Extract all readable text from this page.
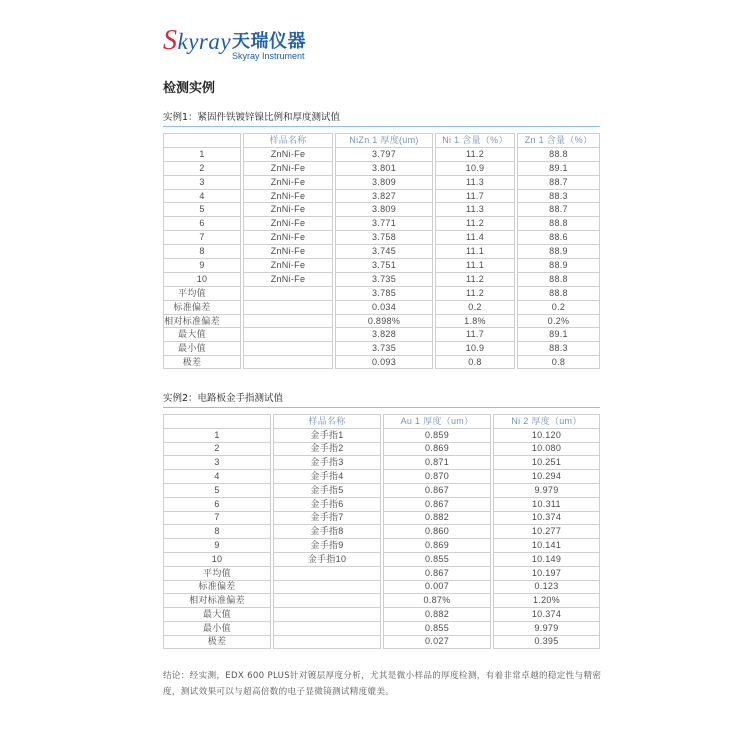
Skyray 天瑞仪器
Skyray Instrument
检测实例
实例1：紧固件铁镀锌镍比例和厚度测试值
	样品名称	NiZn 1 厚度(um)	Ni 1 含量（%）	Zn 1 含量（%）
1	ZnNi-Fe	3.797	11.2	88.8
2	ZnNi-Fe	3.801	10.9	89.1
3	ZnNi-Fe	3.809	11.3	88.7
4	ZnNi-Fe	3.827	11.7	88.3
5	ZnNi-Fe	3.809	11.3	88.7
6	ZnNi-Fe	3.771	11.2	88.8
7	ZnNi-Fe	3.758	11.4	88.6
8	ZnNi-Fe	3.745	11.1	88.9
9	ZnNi-Fe	3.751	11.1	88.9
10	ZnNi-Fe	3.735	11.2	88.8
平均值		3.785	11.2	88.8
标准偏差		0.034	0.2	0.2
相对标准偏差		0.898%	1.8%	0.2%
最大值		3.828	11.7	89.1
最小值		3.735	10.9	88.3
极差		0.093	0.8	0.8
实例2：电路板金手指测试值
	样品名称	Au 1 厚度（um）	Ni 2 厚度（um）
1	金手指1	0.859	10.120
2	金手指2	0.869	10.080
3	金手指3	0.871	10.251
4	金手指4	0.870	10.294
5	金手指5	0.867	9.979
6	金手指6	0.867	10.311
7	金手指7	0.882	10.374
8	金手指8	0.860	10.277
9	金手指9	0.869	10.141
10	金手指10	0.855	10.149
平均值		0.867	10.197
标准偏差		0.007	0.123
相对标准偏差		0.87%	1.20%
最大值		0.882	10.374
最小值		0.855	9.979
极差		0.027	0.395
结论：经实测，EDX 600 PLUS针对镀层厚度分析，尤其是微小样品的厚度检测，有着非常卓越的稳定性与精密
度，测试效果可以与超高倍数的电子显微镜测试精度媲美。
